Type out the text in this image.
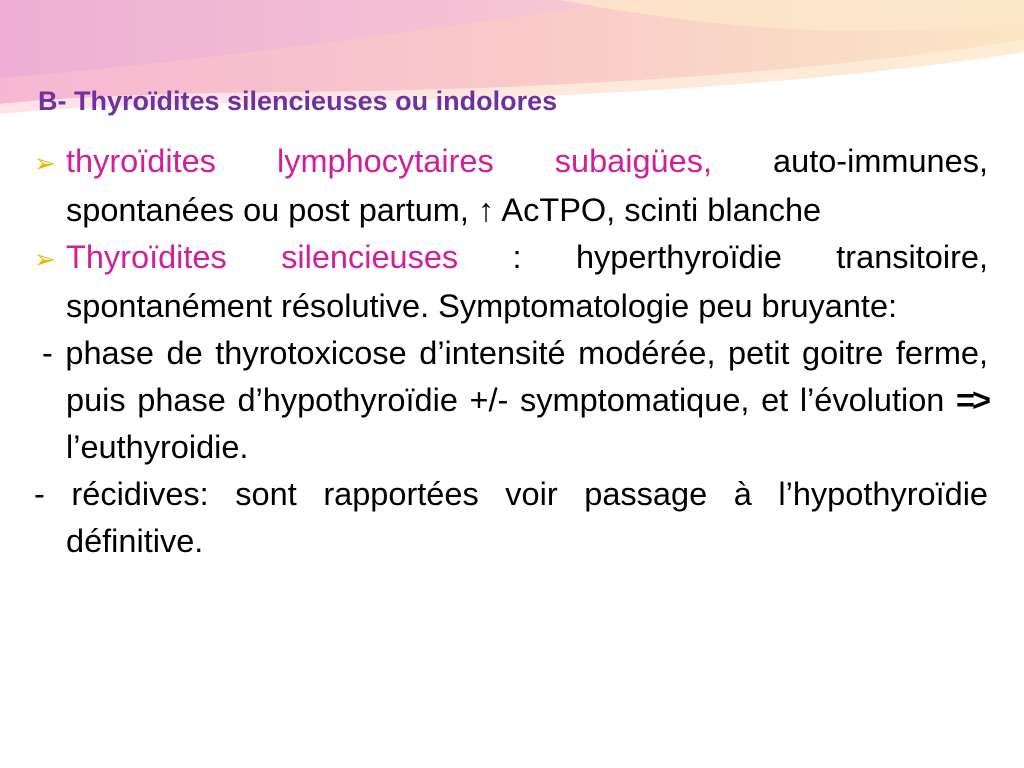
B- Thyroïdites silencieuses ou indolores

➢ thyroïdites lymphocytaires subaigües, auto-immunes, spontanées ou post partum, ↑ AcTPO, scinti blanche

➢ Thyroïdites silencieuses : hyperthyroïdie transitoire, spontanément résolutive. Symptomatologie peu bruyante:

- phase de thyrotoxicose d’intensité modérée, petit goitre ferme, puis phase d’hypothyroïdie +/- symptomatique, et l’évolution => l’euthyroidie.

- récidives: sont rapportées voir passage à l’hypothyroïdie définitive.
